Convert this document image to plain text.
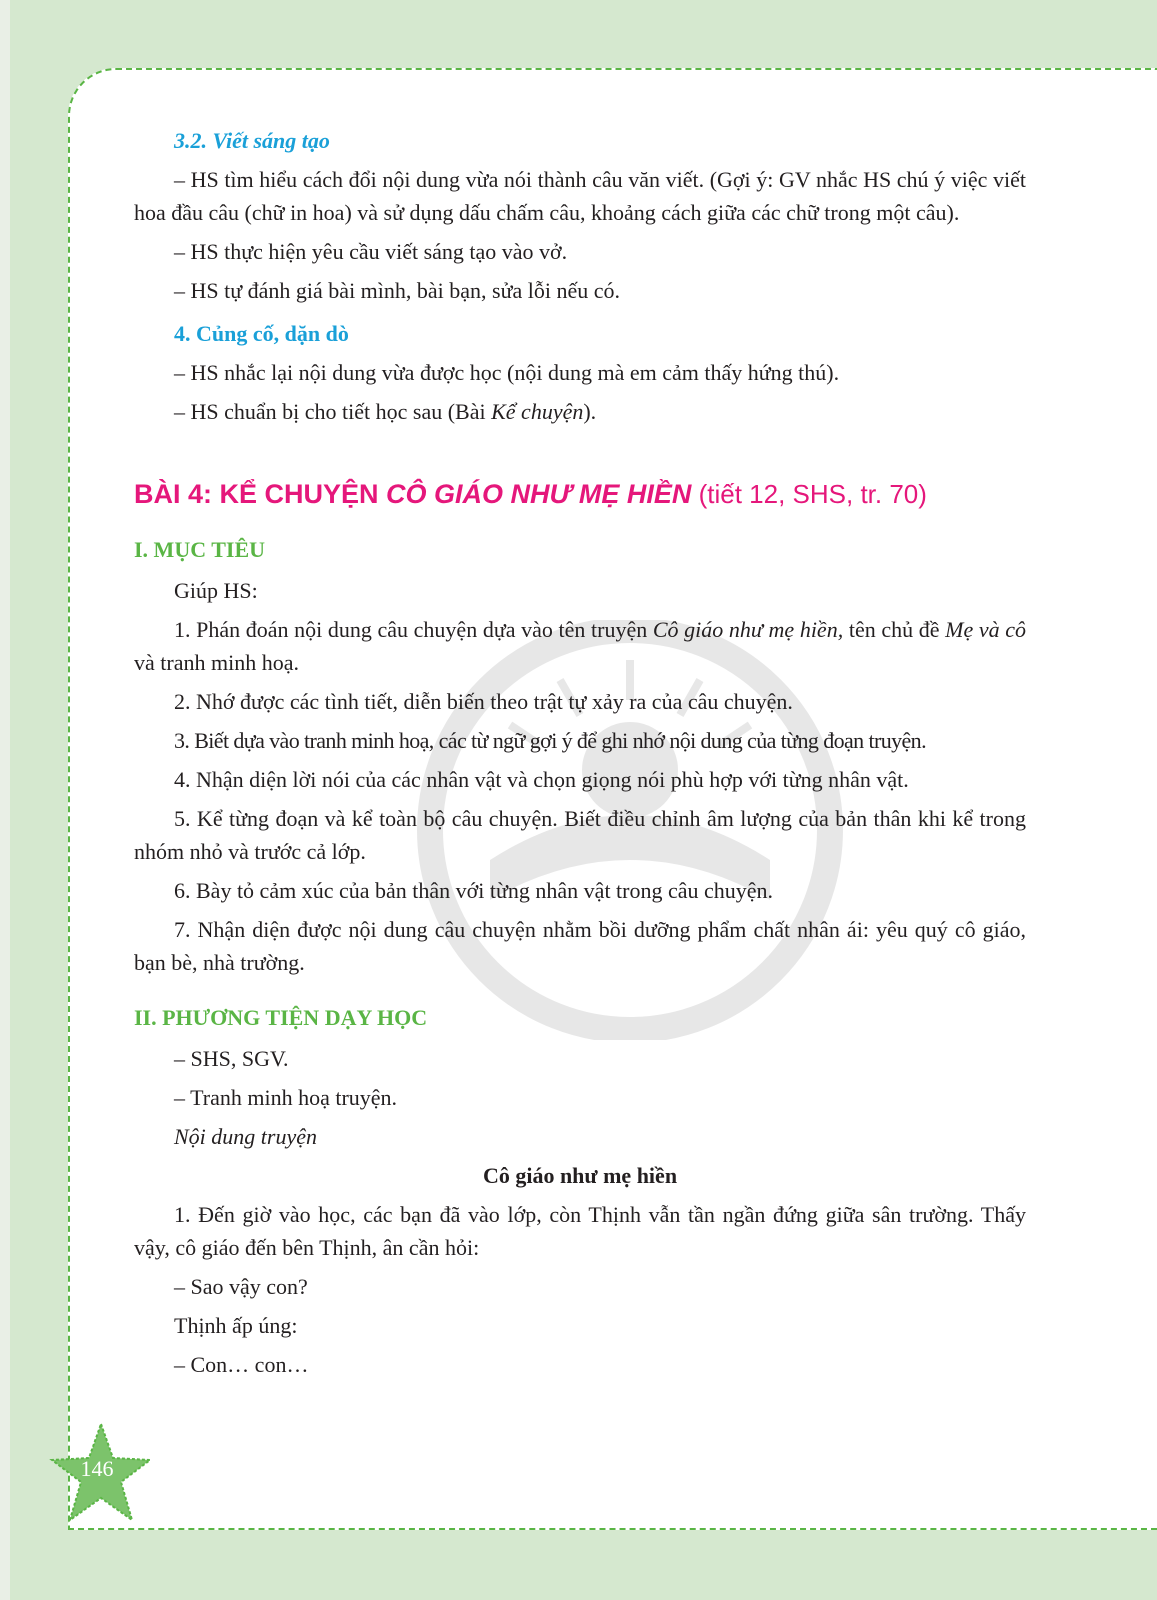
3.2. Viết sáng tạo

– HS tìm hiểu cách đổi nội dung vừa nói thành câu văn viết. (Gợi ý: GV nhắc HS chú ý việc viết hoa đầu câu (chữ in hoa) và sử dụng dấu chấm câu, khoảng cách giữa các chữ trong một câu).

– HS thực hiện yêu cầu viết sáng tạo vào vở.

– HS tự đánh giá bài mình, bài bạn, sửa lỗi nếu có.

4. Củng cố, dặn dò

– HS nhắc lại nội dung vừa được học (nội dung mà em cảm thấy hứng thú).

– HS chuẩn bị cho tiết học sau (Bài Kể chuyện).

BÀI 4: KỂ CHUYỆN CÔ GIÁO NHƯ MẸ HIỀN (tiết 12, SHS, tr. 70)

I. MỤC TIÊU

Giúp HS:

1. Phán đoán nội dung câu chuyện dựa vào tên truyện Cô giáo như mẹ hiền, tên chủ đề Mẹ và cô và tranh minh hoạ.

2. Nhớ được các tình tiết, diễn biến theo trật tự xảy ra của câu chuyện.

3. Biết dựa vào tranh minh hoạ, các từ ngữ gợi ý để ghi nhớ nội dung của từng đoạn truyện.

4. Nhận diện lời nói của các nhân vật và chọn giọng nói phù hợp với từng nhân vật.

5. Kể từng đoạn và kể toàn bộ câu chuyện. Biết điều chỉnh âm lượng của bản thân khi kể trong nhóm nhỏ và trước cả lớp.

6. Bày tỏ cảm xúc của bản thân với từng nhân vật trong câu chuyện.

7. Nhận diện được nội dung câu chuyện nhằm bồi dưỡng phẩm chất nhân ái: yêu quý cô giáo, bạn bè, nhà trường.

II. PHƯƠNG TIỆN DẠY HỌC

– SHS, SGV.

– Tranh minh hoạ truyện.

Nội dung truyện

Cô giáo như mẹ hiền

1. Đến giờ vào học, các bạn đã vào lớp, còn Thịnh vẫn tần ngần đứng giữa sân trường. Thấy vậy, cô giáo đến bên Thịnh, ân cần hỏi:

– Sao vậy con?

Thịnh ấp úng:

– Con… con…

146
